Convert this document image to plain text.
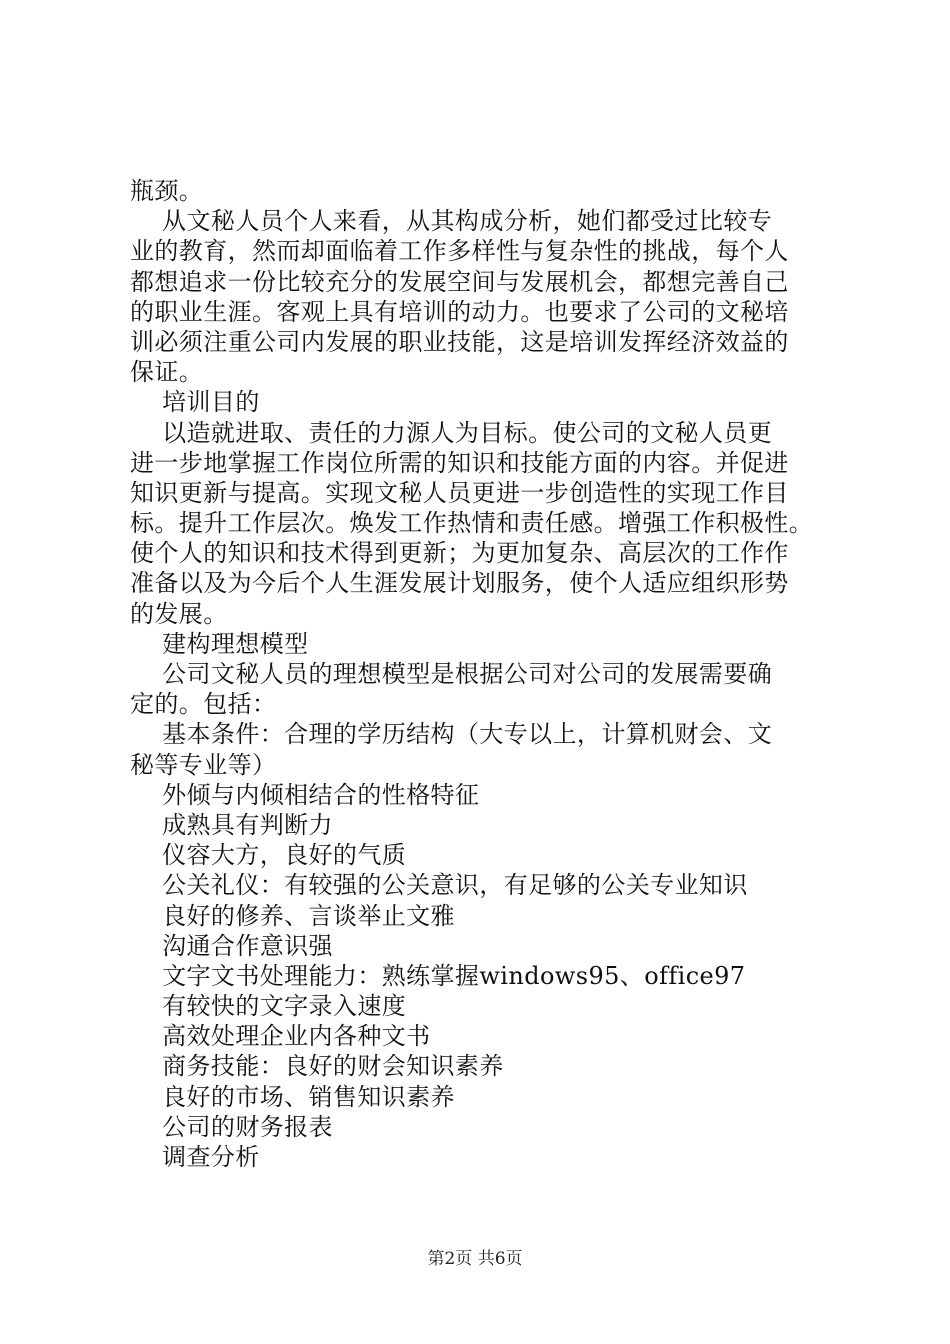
瓶颈。
从文秘人员个人来看，从其构成分析，她们都受过比较专
业的教育，然而却面临着工作多样性与复杂性的挑战，每个人
都想追求一份比较充分的发展空间与发展机会，都想完善自己
的职业生涯。客观上具有培训的动力。也要求了公司的文秘培
训必须注重公司内发展的职业技能，这是培训发挥经济效益的
保证。
培训目的
以造就进取、责任的力源人为目标。使公司的文秘人员更
进一步地掌握工作岗位所需的知识和技能方面的内容。并促进
知识更新与提高。实现文秘人员更进一步创造性的实现工作目
标。提升工作层次。焕发工作热情和责任感。增强工作积极性。
使个人的知识和技术得到更新；为更加复杂、高层次的工作作
准备以及为今后个人生涯发展计划服务，使个人适应组织形势
的发展。
建构理想模型
公司文秘人员的理想模型是根据公司对公司的发展需要确
定的。包括：
基本条件：合理的学历结构（大专以上，计算机财会、文
秘等专业等）
外倾与内倾相结合的性格特征
成熟具有判断力
仪容大方，良好的气质
公关礼仪：有较强的公关意识，有足够的公关专业知识
良好的修养、言谈举止文雅
沟通合作意识强
文字文书处理能力：熟练掌握windows95、office97
有较快的文字录入速度
高效处理企业内各种文书
商务技能：良好的财会知识素养
良好的市场、销售知识素养
公司的财务报表
调查分析
第2页 共6页
